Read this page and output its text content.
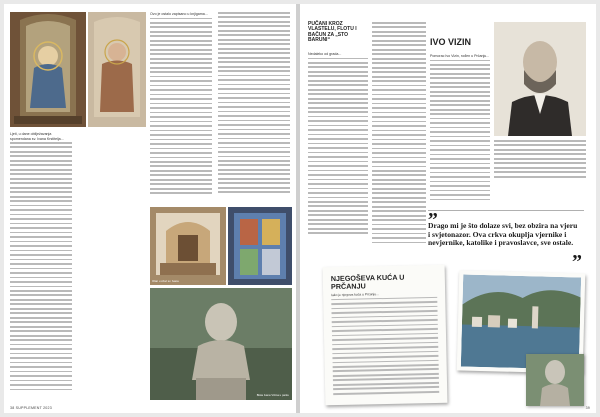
Oltar u crkvi sv. Ivana
Bista Ivana Vizina u parku
Ljeti, u dane obilježavanja spomendana sv. Ivana Krstitelja...
Ovo je ostalo zapisano u knjigama...
38 SUPPLEMENT 2023
PUČANI KROZ VLASTELU, FLOTU I BAČUN ZA „STO BARUNI“
Nedaleko od grada...
IVO VIZIN
Pomorac Ivo Vizin, rođen u Prčanju...
„
Drago mi je što dolaze svi, bez obzira na vjeru i svjetonazor. Ova crkva okuplja vjernike i nevjernike, katolike i pravoslavce, sve ostale.
”
NJEGOŠEVA KUĆA U PRČANJU
Iako je njegova kuća u Prčanju...
39
